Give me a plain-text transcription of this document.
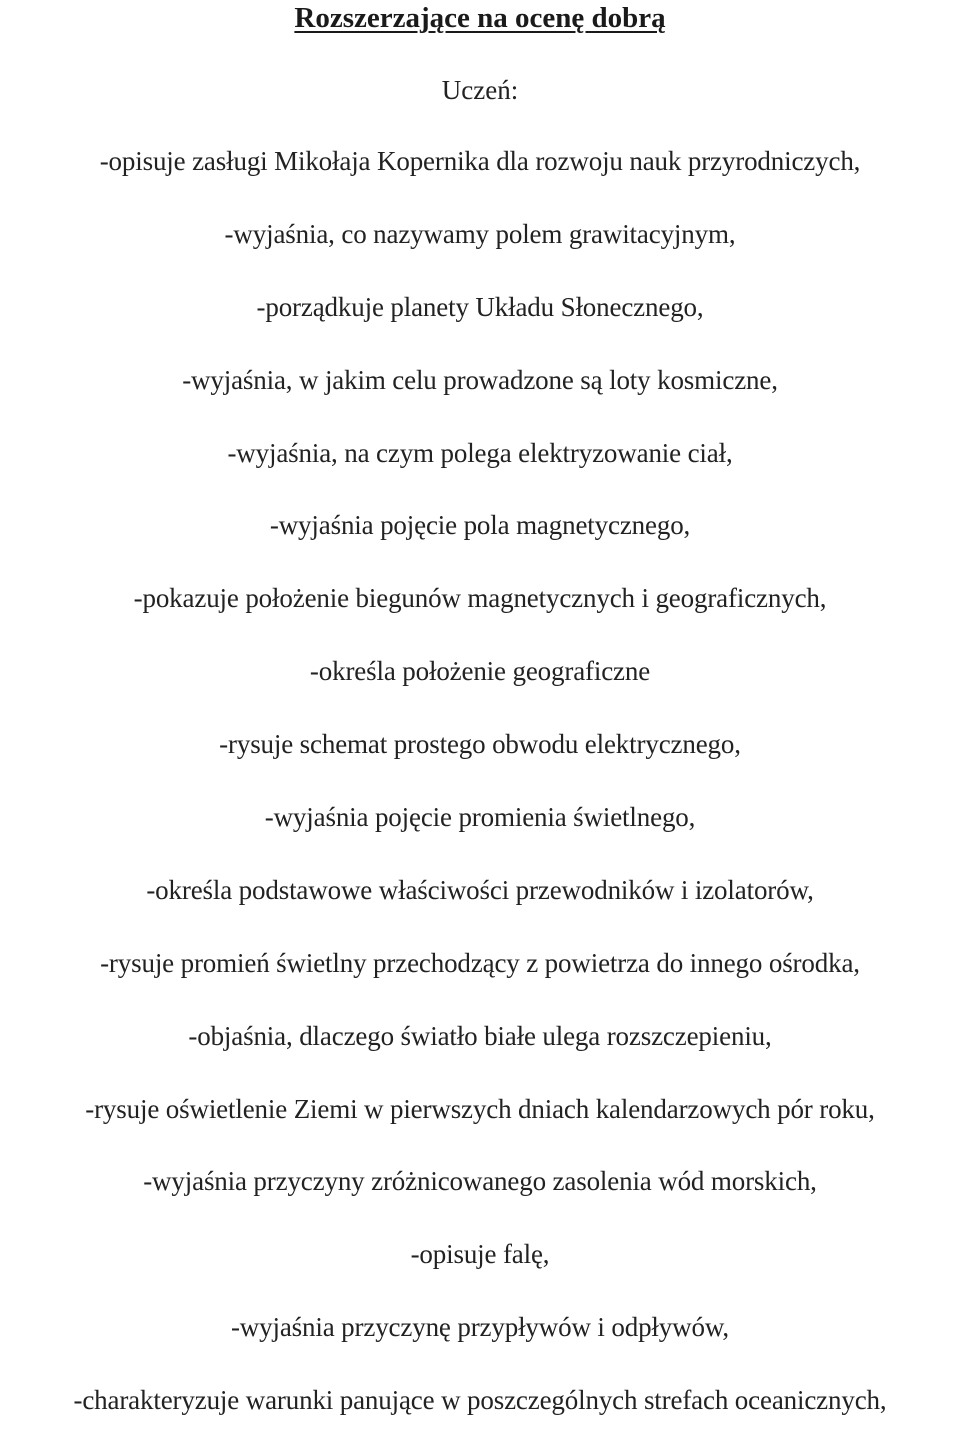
Rozszerzające na ocenę dobrą
Uczeń:
-opisuje zasługi Mikołaja Kopernika dla rozwoju nauk przyrodniczych,
-wyjaśnia, co nazywamy polem grawitacyjnym,
-porządkuje planety Układu Słonecznego,
-wyjaśnia, w jakim celu prowadzone są loty kosmiczne,
-wyjaśnia, na czym polega elektryzowanie ciał,
-wyjaśnia pojęcie pola magnetycznego,
-pokazuje położenie biegunów magnetycznych i geograficznych,
-określa położenie geograficzne
-rysuje schemat prostego obwodu elektrycznego,
-wyjaśnia pojęcie promienia świetlnego,
-określa podstawowe właściwości przewodników i izolatorów,
-rysuje promień świetlny przechodzący z powietrza do innego ośrodka,
-objaśnia, dlaczego światło białe ulega rozszczepieniu,
-rysuje oświetlenie Ziemi w pierwszych dniach kalendarzowych pór roku,
-wyjaśnia przyczyny zróżnicowanego zasolenia wód morskich,
-opisuje falę,
-wyjaśnia przyczynę przypływów i odpływów,
-charakteryzuje warunki panujące w poszczególnych strefach oceanicznych,
